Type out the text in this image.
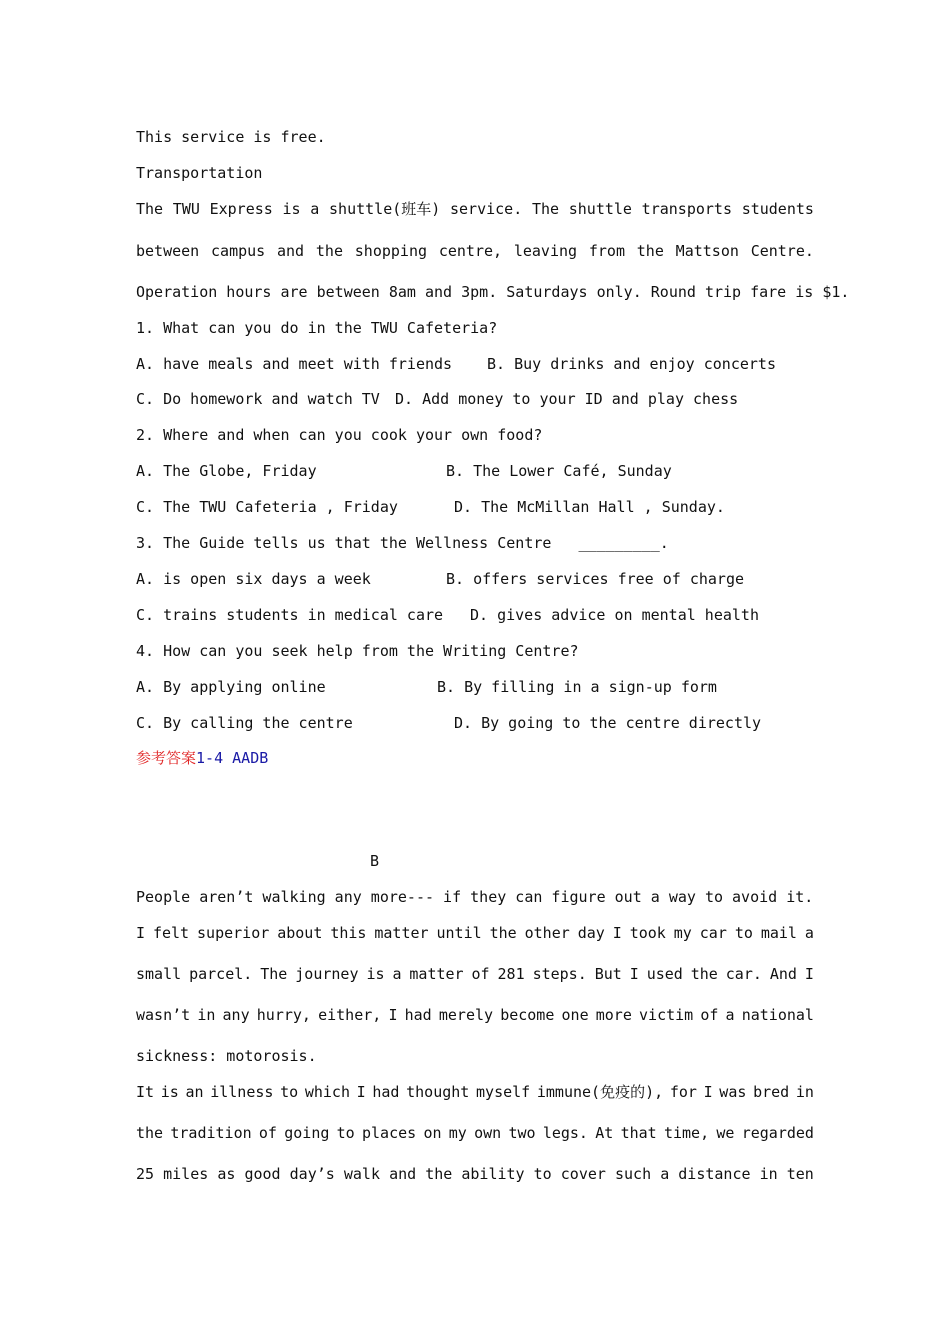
This service is free.
Transportation
The TWU Express is a shuttle(班车) service. The shuttle transports students
between campus and the shopping centre, leaving from the Mattson Centre.
Operation hours are between 8am and 3pm. Saturdays only. Round trip fare is $1.
1. What can you do in the TWU Cafeteria?
A. have meals and meet with friends B. Buy drinks and enjoy concerts
C. Do homework and watch TV D. Add money to your ID and play chess
2. Where and when can you cook your own food?
A. The Globe, Friday	B. The Lower Café, Sunday
C. The TWU Cafeteria , Friday	D. The McMillan Hall , Sunday.
3. The Guide tells us that the Wellness Centre   _________.
A. is open six days a week	B. offers services free of charge
C. trains students in medical care D. gives advice on mental health
4. How can you seek help from the Writing Centre?
A. By applying online	B. By filling in a sign-up form
C. By calling the centre	D. By going to the centre directly
参考答案1-4 AADB
B
People aren’t walking any more--- if they can figure out a way to avoid it.
I felt superior about this matter until the other day I took my car to mail a
small parcel. The journey is a matter of 281 steps. But I used the car. And I
wasn’t in any hurry, either, I had merely become one more victim of a national
sickness: motorosis.
It is an illness to which I had thought myself immune(免疫的), for I was bred in
the tradition of going to places on my own two legs. At that time, we regarded
25 miles as good day’s walk and the ability to cover such a distance in ten
